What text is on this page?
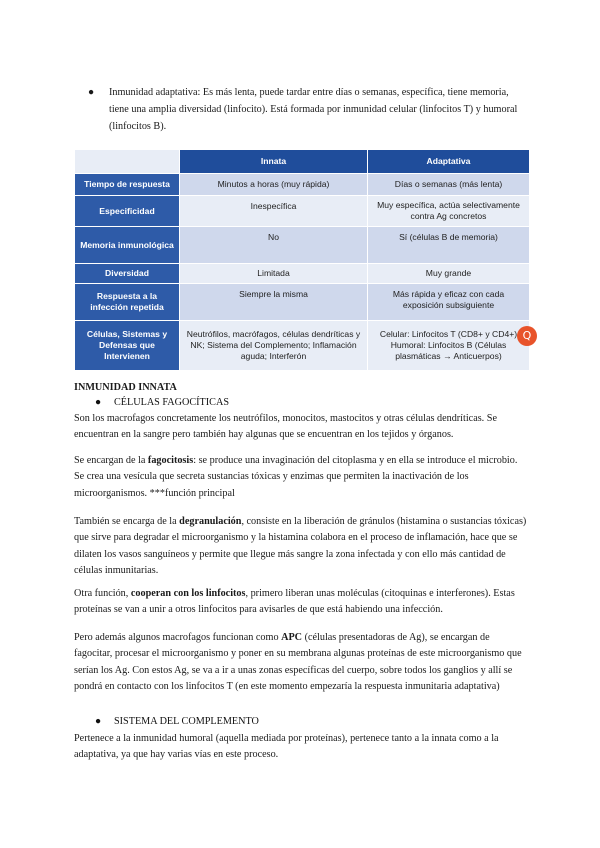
●	Inmunidad adaptativa: Es más lenta, puede tardar entre días o semanas, específica, tiene memoria, tiene una amplia diversidad (linfocito). Está formada por inmunidad celular (linfocitos T) y humoral (linfocitos B).
	Innata	Adaptativa
Tiempo de respuesta	Minutos a horas (muy rápida)	Días o semanas (más lenta)
Especificidad	Inespecífica	Muy específica, actúa selectivamente contra Ag concretos
Memoria inmunológica	No	Sí (células B de memoria)
Diversidad	Limitada	Muy grande
Respuesta a la infección repetida	Siempre la misma	Más rápida y eficaz con cada exposición subsiguiente
Células, Sistemas y Defensas que Intervienen	Neutrófilos, macrófagos, células dendríticas y NK; Sistema del Complemento; Inflamación aguda; Interferón	Celular: Linfocitos T (CD8+ y CD4+) Humoral: Linfocitos B (Células plasmáticas → Anticuerpos)
Q
INMUNIDAD INNATA
● CÉLULAS FAGOCÍTICAS
Son los macrofagos concretamente los neutrófilos, monocitos, mastocitos y otras células dendríticas. Se encuentran en la sangre pero también hay algunas que se encuentran en los tejidos y órganos.
Se encargan de la fagocitosis: se produce una invaginación del citoplasma y en ella se introduce el microbio. Se crea una vesícula que secreta sustancias tóxicas y enzimas que permiten la inactivación de los microorganismos. ***función principal
También se encarga de la degranulación, consiste en la liberación de gránulos (histamina o sustancias tóxicas) que sirve para degradar el microorganismo y la histamina colabora en el proceso de inflamación, hace que se dilaten los vasos sanguíneos y permite que llegue más sangre la zona infectada y con ello más cantidad de células inmunitarias.
Otra función, cooperan con los linfocitos, primero liberan unas moléculas (citoquinas e interferones). Estas proteínas se van a unir a otros linfocitos para avisarles de que está habiendo una infección.
Pero además algunos macrofagos funcionan como APC (células presentadoras de Ag), se encargan de fagocitar, procesar el microorganismo y poner en su membrana algunas proteínas de este microorganismo que serían los Ag. Con estos Ag, se va a ir a unas zonas específicas del cuerpo, sobre todos los ganglios y allí se pondrá en contacto con los linfocitos T (en este momento empezaría la respuesta inmunitaria adaptativa)
● SISTEMA DEL COMPLEMENTO
Pertenece a la inmunidad humoral (aquella mediada por proteínas), pertenece tanto a la innata como a la adaptativa, ya que hay varias vías en este proceso.
